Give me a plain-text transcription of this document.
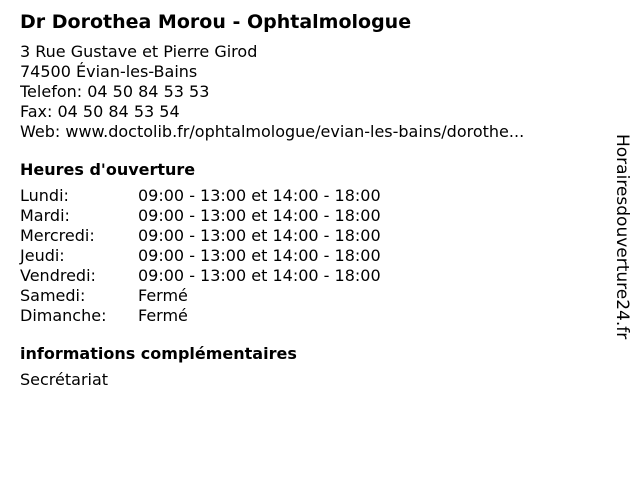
Dr Dorothea Morou - Ophtalmologue
3 Rue Gustave et Pierre Girod
74500 Évian-les-Bains
Telefon: 04 50 84 53 53
Fax: 04 50 84 53 54
Web: www.doctolib.fr/ophtalmologue/evian-les-bains/dorothe...
Heures d'ouverture
Lundi:	09:00 - 13:00 et 14:00 - 18:00
Mardi:	09:00 - 13:00 et 14:00 - 18:00
Mercredi:	09:00 - 13:00 et 14:00 - 18:00
Jeudi:	09:00 - 13:00 et 14:00 - 18:00
Vendredi:	09:00 - 13:00 et 14:00 - 18:00
Samedi:	Fermé
Dimanche:	Fermé
informations complémentaires
Secrétariat
Horairesdouverture24.fr
